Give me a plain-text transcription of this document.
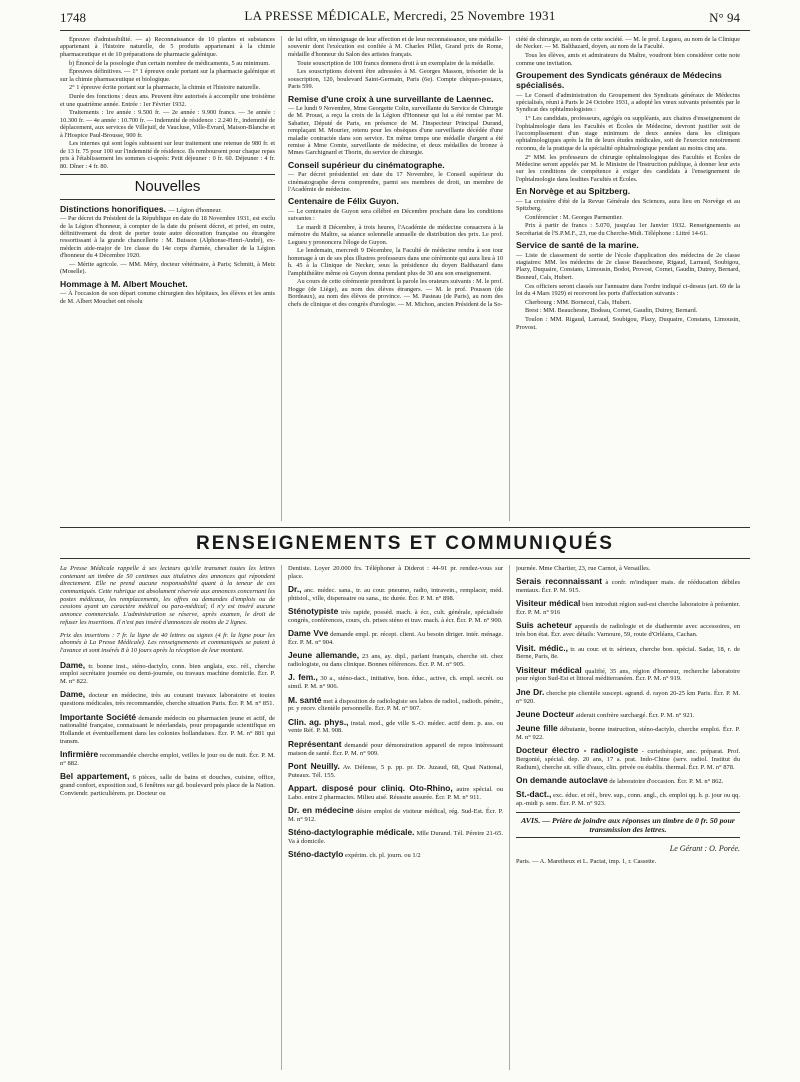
1748	LA PRESSE MÉDICALE, Mercredi, 25 Novembre 1931	N° 94

Épreuve d'admissibilité. — a) Reconnaissance de 10 plantes et substances appartenant à l'histoire naturelle, de 5 produits appartenant à la chimie pharmaceutique et de 10 préparations de pharmacie galénique.

b) Énoncé de la posologie d'un certain nombre de médicaments, 5 au minimum.

Épreuves définitives. — 1° 1 épreuve orale portant sur la pharmacie galénique et sur la chimie pharmaceutique et biologique.

2° 1 épreuve écrite portant sur la pharmacie, la chimie et l'histoire naturelle.

Durée des fonctions : deux ans. Peuvent être autorisés à accomplir une troisième et une quatrième année. Entrée : 1er Février 1932.

Traitements : 1re année : 9.500 fr. — 2e année : 9.900 francs. — 3e année : 10.300 fr. — 4e année : 10.700 fr. — Indemnité de résidence : 2.240 fr., indemnité de déplacement, aux services de Villejuif, de Vaucluse, Ville-Évrard, Maison-Blanche et à l'Hospice Paul-Brousse, 900 fr.

Les internes qui sont logés subissent sur leur traitement une retenue de 980 fr. et de 13 fr. 75 pour 100 sur l'indemnité de résidence. Ils remboursent pour chaque repas pris à l'établissement les sommes ci-après: Petit déjeuner : 0 fr. 60. Déjeuner : 4 fr. 80. Dîner : 4 fr. 80.

Nouvelles
Distinctions honorifiques. — Légion d'honneur.

— Par décret du Président de la République en date du 18 Novembre 1931, est exclu de la Légion d'honneur, à compter de la date du présent décret, et privé, en outre, définitivement du droit de porter toute autre décoration française ou étrangère ressortissant à la grande chancellerie : M. Buisson (Alphonse-Henri-André), ex-médecin aide-major de 1re classe du 14e corps d'armée, chevalier de la Légion d'honneur du 4 Décembre 1920.

— Mérite agricole. — MM. Méry, docteur vétérinaire, à Paris; Schmitt, à Metz (Moselle).

Hommage à M. Albert Mouchet.

— À l'occasion de son départ comme chirurgien des hôpitaux, les élèves et les amis de M. Albert Mouchet ont résolu

de lui offrir, en témoignage de leur affection et de leur reconnaissance, une médaille-souvenir dont l'exécution est confiée à M. Charles Pillet, Grand prix de Rome, médaille d'honneur du Salon des artistes français.

Toute souscription de 100 francs donnera droit à un exemplaire de la médaille.

Les souscriptions doivent être adressées à M. Georges Masson, trésorier de la souscription, 120, boulevard Saint-Germain, Paris (6e). Compte chèques-postaux, Paris 599.

Remise d'une croix à une surveillante de Laennec.

— Le lundi 9 Novembre, Mme Georgette Colin, surveillante du Service de Chirurgie de M. Proust, a reçu la croix de la Légion d'Honneur qui lui a été remise par M. Sabatier, Député de Paris, en présence de M. l'Inspecteur Principal Durand, remplaçant M. Mourier, retenu pour les obsèques d'une surveillante décédée d'une maladie contractée dans son service. En même temps une médaille d'argent a été remise à Mme Comte, surveillante de médecine, et deux médailles de bronze à Mmes Garchignard et Thorin, du service de chirurgie.

Conseil supérieur du cinématographe.

— Par décret présidentiel en date du 17 Novembre, le Conseil supérieur du cinématographe devra comprendre, parmi ses membres de droit, un membre de l'Académie de médecine.

Centenaire de Félix Guyon.

— Le centenaire de Guyon sera célébré en Décembre prochain dans les conditions suivantes :

Le mardi 8 Décembre, à trois heures, l'Académie de médecine consacrera à la mémoire du Maître, sa séance solennelle annuelle de distribution des prix. Le prof. Legueu y prononcera l'éloge de Guyon.

Le lendemain, mercredi 9 Décembre, la Faculté de médecine rendra à son tour hommage à un de ses plus illustres professeurs dans une cérémonie qui aura lieu à 10 h. 45 à la Clinique de Necker, sous la présidence du doyen Balthazard dans l'amphithéâtre même où Guyon donna pendant plus de 30 ans son enseignement.

Au cours de cette cérémonie prendront la parole les orateurs suivants : M. le prof. Hogge (de Liège), au nom des élèves étrangers. — M. le prof. Pousson (de Bordeaux), au nom des élèves de province. — M. Pasteau (de Paris), au nom des chefs de clinique et des congrès d'urologie. — M. Michon, ancien Président de la So-

ciété de chirurgie, au nom de cette société. — M. le prof. Legueu, au nom de la Clinique de Necker. — M. Balthazard, doyen, au nom de la Faculté.

Tous les élèves, amis et admirateurs du Maître, voudront bien considérer cette note comme une invitation.

Groupement des Syndicats généraux de Médecins spécialisés.

— Le Conseil d'administration du Groupement des Syndicats généraux de Médecins spécialisés, réuni à Paris le 24 Octobre 1931, a adopté les vœux suivants présentés par le Syndicat des ophtalmologistes :

1° Les candidats, professeurs, agrégés ou suppléants, aux chaires d'enseignement de l'ophtalmologie dans les Facultés et Écoles de Médecine, devront justifier soit de l'accomplissement d'un stage minimum de deux années dans les cliniques ophtalmologiques après la fin de leurs études médicales, soit de l'exercice notoirement reconnu, de la pratique de la spécialité ophtalmologique pendant au moins cinq ans.

2° MM. les professeurs de chirurgie ophtalmologique des Facultés et Écoles de Médecine seront appelés par M. le Ministre de l'Instruction publique, à donner leur avis sur les conditions de compétence à exiger des candidats à l'enseignement de l'ophtalmologie dans lesdites Facultés et Écoles.

En Norvège et au Spitzberg.

— La croisière d'été de la Revue Générale des Sciences, aura lieu en Norvège et au Spitzberg.

Conférencier : M. Georges Parmentier.

Prix à partir de francs : 5.070, jusqu'au 1er Janvier 1932. Renseignements au Secrétariat de l'S.P.M.F., 23, rue du Cherche-Midi. Téléphone : Littré 14-61.

Service de santé de la marine.

— Liste de classement de sortie de l'école d'application des médecins de 2e classe stagiaires: MM. les médecins de 2e classe Beauchesne, Rigaud, Larraud, Soubigou, Plazy, Duquaire, Constans, Limousin, Bodot, Provost, Cornet, Gaudin, Dutrey, Bernard, Besneuf, Cals, Hubert.

Ces officiers seront classés sur l'annuaire dans l'ordre indiqué ci-dessus (art. 69 de la loi du 4 Mars 1929) et recevront les ports d'affectation suivants :

Cherbourg : MM. Bornecuf, Cals, Hubert.

Brest : MM. Beauchesne, Bodeau, Cornet, Gaudin, Dutrey, Bernard.

Toulon : MM. Rigaud, Larraud, Soubigou, Plazy, Duquaire, Constans, Limousin, Provost.

RENSEIGNEMENTS ET COMMUNIQUÉS
La Presse Médicale rappelle à ses lecteurs qu'elle transmet toutes les lettres contenant un timbre de 50 centimes aux titulaires des annonces qui répondent directement. Elle ne prend aucune responsabilité quant à la teneur de ces communiqués. Cette rubrique est absolument réservée aux annonces concernant les postes médicaux, les remplacements, les offres ou demandes d'emplois ou de cessions ayant un caractère médical ou para-médical; il n'y est inséré aucune annonce commerciale. L'administration se réserve, après examen, le droit de refuser les insertions. Il n'est pas inséré d'annonces de moins de 2 lignes.
Prix des insertions : 7 fr. la ligne de 40 lettres ou signes (4 fr. la ligne pour les abonnés à La Presse Médicale). Les renseignements et communiqués se paient à l'avance et sont insérés 8 à 10 jours après la réception de leur montant.
Dame, tr. bonne inst., sténo-dactylo, conn. bien anglais, exc. réf., cherche emploi secrétaire journée ou demi-journée, ou travaux machine domicile. Écr. P. M. n° 822.
Dame, docteur en médecine, très au courant travaux laboratoire et toutes questions médicales, très recommandée, cherche situation Paris. Écr. P. M. n° 851.
Importante Société demande médecin ou pharmacien jeune et actif, de nationalité française, connaissant le néerlandais, pour propagande scientifique en Hollande et éventuellement dans les colonies hollandaises. Écr. P. M. n° 881 qui transm.
Infirmière recommandée cherche emploi, veilles le jour ou de nuit. Écr. P. M. n° 882.
Bel appartement, 6 pièces, salle de bains et douches, cuisine, office, grand confort, exposition sud, 6 fenêtres sur gd. boulevard près place de la Nation. Conviendr. particulièrem. pr. Docteur ou
Dentiste. Loyer 20.000 frs. Téléphoner à Diderot : 44-91 pr. rendez-vous sur place.
Dr., anc. médec. sana., tr. au cour. pneumo, radio, intravein., remplacer, méd. phtisiol., ville, dispensaire ou sana., ttc durée. Écr. P. M. n° 898.
Sténotypiste très rapide, posséd. mach. à écr., cult. générale, spécialisée congrès, conférences, cours, ch. prises sténo et trav. mach. à écr. Écr. P. M. n° 900.
Dame Vve demande empl. pr. récept. client. Au besoin diriger. intér. ménage. Écr. P. M. n° 904.
Jeune allemande, 23 ans, ay. dipl., parlant français, cherche sit. chez radiologiste, ou dans clinique. Bonnes références. Écr. P. M. n° 905.
J. fem., 30 a., sténo-dact., initiative, bon. éduc., active, ch. empl. secrét. ou simil. P. M. n° 906.
M. santé met à disposition de radiologiste ses labos de radiol., radioth. pénétr., pr. y recev. clientèle personnelle. Écr. P. M. n° 907.
Clin. ag. phys., instal. mod., gde ville S.-O. médec. actif dem. p. ass. ou vente Réf. P. M. 908.
Représentant demandé pour démonstration appareil de repos intéressant maison de santé. Écr. P. M. n° 909.
Pont Neuilly. Av. Défense, 5 p. pp. pr. Dr. Juzaud, 68, Quai National, Puteaux. Tél. 155.
Appart. disposé pour cliniq. Oto-Rhino, autre spécial. ou Labo. entre 2 pharmacies. Milieu aisé. Réussite assurée. Écr. P. M. n° 911.
Dr. en médecine désire emploi de visiteur médical, rég. Sud-Est. Écr. P. M. n° 912.
Sténo-dactylographie médicale. Mlle Durand. Tél. Péreire 21-65. Va à domicile.
Sténo-dactylo expérim. ch. pl. journ. ou 1/2
journée. Mme Chartier, 23, rue Carnot, à Versailles.
Serais reconnaissant à confr. m'indiquer mais. de rééducation débiles mentaux. Écr. P. M. 915.
Visiteur médical bien introduit région sud-est cherche laboratoire à présenter. Écr. P. M. n° 916
Suis acheteur appareils de radiologie et de diathermie avec accessoires, en très bon état. Écr. avec détails: Varnoure, 59, route d'Orléans, Cachan.
Visit. médic., tr. au cour. et tr. sérieux, cherche bon. spécial. Sadar, 18, r. de Berne, Paris, 8e.
Visiteur médical qualifié, 35 ans, région d'honneur, recherche laboratoire pour région Sud-Est et littoral méditerranéen. Écr. P. M. n° 919.
Jne Dr. cherche pte clientèle suscept. agrand. d. rayon 20-25 km Paris. Écr. P. M. n° 920.
Jeune Docteur aiderait confrère surchargé. Écr. P. M. n° 921.
Jeune fille débutante, bonne instruction, sténo-dactylo, cherche emploi. Écr. P. M. n° 922.
Docteur électro - radiologiste - curiethérapie, anc. préparat. Prof. Bergonié, spécial. dep. 20 ans, 17 a. prat. Indo-Chine (serv. radiol. Institut du Radium), cherche sit. ville d'eaux, clin. privée ou établis. thermal. Écr. P. M. n° 878.
On demande autoclave de laboratoire d'occasion. Écr. P. M. n° 862.
St.-dact., exc. éduc. et réf., brev. sup., conn. angl., ch. emploi qq. h. p. jour ou qq. ap.-midi p. sem. Écr. P. M. n° 923.
AVIS. — Prière de joindre aux réponses un timbre de 0 fr. 50 pour transmission des lettres.
Le Gérant : O. Porée.
Paris. — A. Maretheux et L. Pactat, imp. 1, r. Cassette.
